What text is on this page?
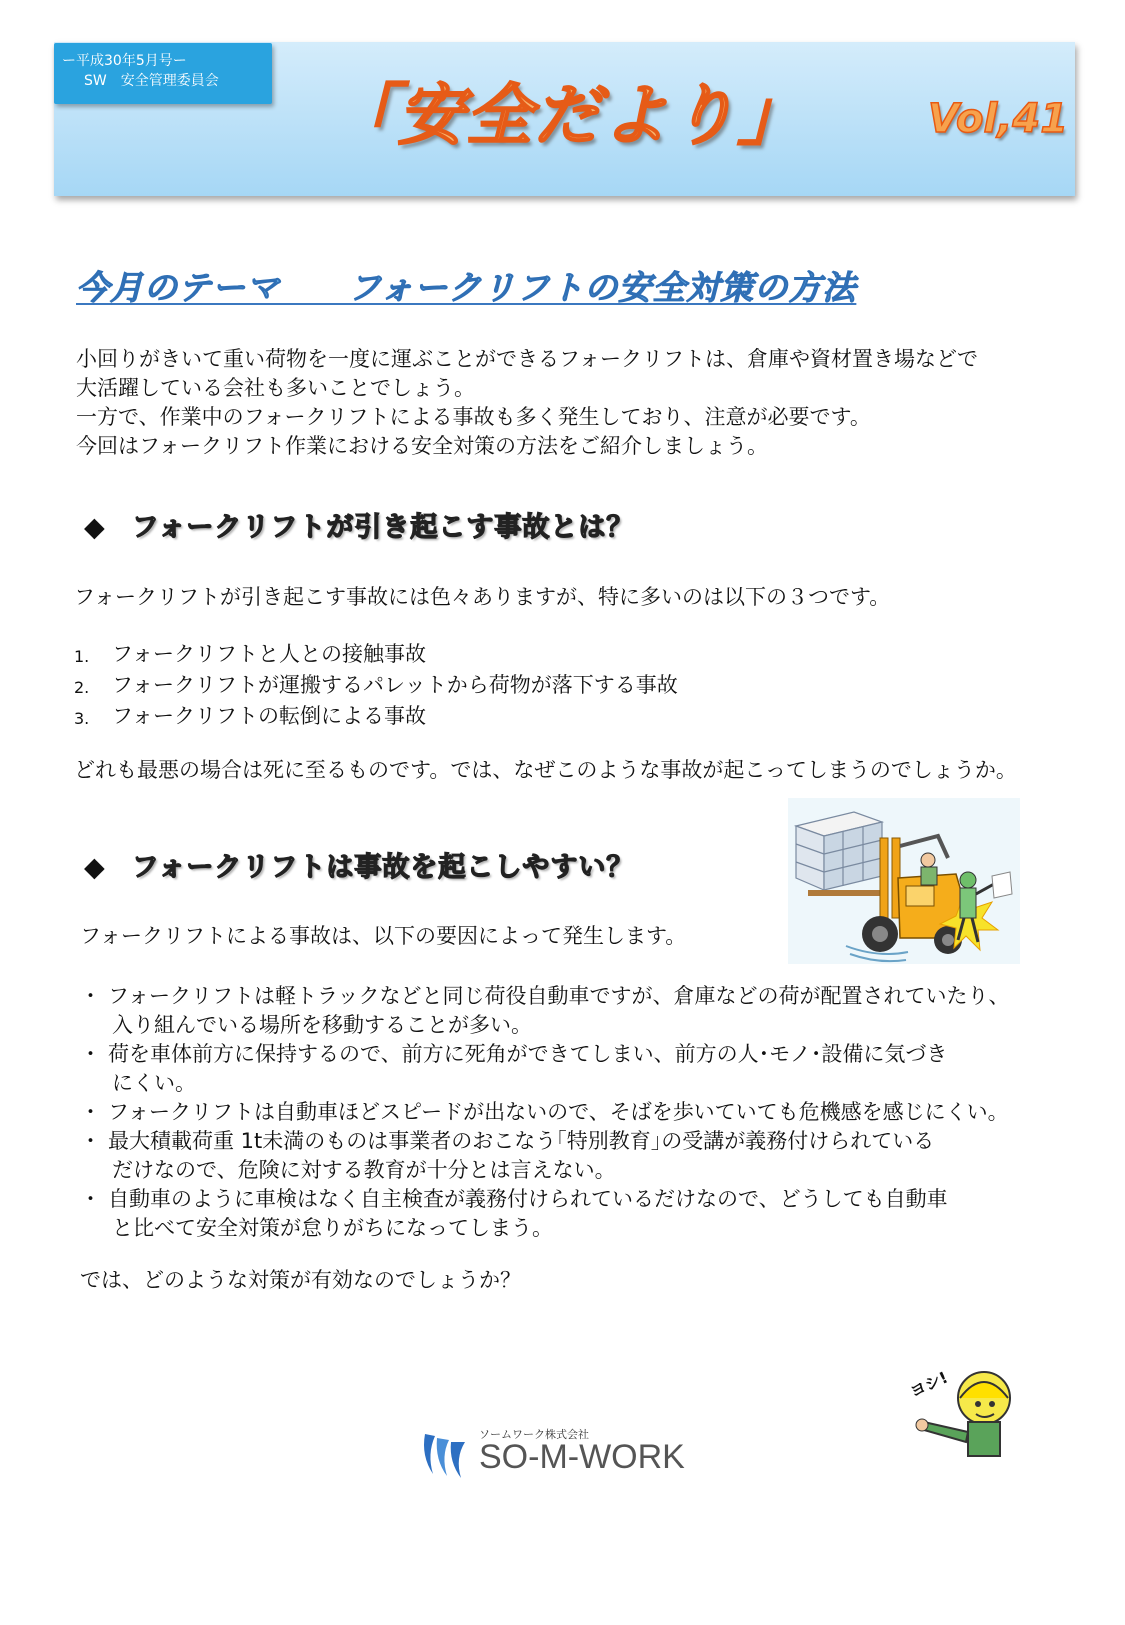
ー平成30年5月号ー
SW　安全管理委員会	「安全だより」	Vol,41
今月のテーマ　　フォークリフトの安全対策の方法
小回りがきいて重い荷物を一度に運ぶことができるフォークリフトは、倉庫や資材置き場などで
大活躍している会社も多いことでしょう。
一方で、作業中のフォークリフトによる事故も多く発生しており、注意が必要です。
今回はフォークリフト作業における安全対策の方法をご紹介しましょう。
◆ フォークリフトが引き起こす事故とは？
フォークリフトが引き起こす事故には色々ありますが、特に多いのは以下の３つです。
1.	フォークリフトと人との接触事故
2.	フォークリフトが運搬するパレットから荷物が落下する事故
3.	フォークリフトの転倒による事故
どれも最悪の場合は死に至るものです。では、なぜこのような事故が起こってしまうのでしょうか。
◆ フォークリフトは事故を起こしやすい？
フォークリフトによる事故は、以下の要因によって発生します。
・ フォークリフトは軽トラックなどと同じ荷役自動車ですが、倉庫などの荷が配置されていたり、
入り組んでいる場所を移動することが多い。
・ 荷を車体前方に保持するので、前方に死角ができてしまい、前方の人･モノ･設備に気づき
にくい。
・ フォークリフトは自動車ほどスピードが出ないので、そばを歩いていても危機感を感じにくい。
・ 最大積載荷重 1t未満のものは事業者のおこなう｢特別教育｣の受講が義務付けられている
だけなので、危険に対する教育が十分とは言えない。
・ 自動車のように車検はなく自主検査が義務付けられているだけなので、どうしても自動車
と比べて安全対策が怠りがちになってしまう。
では、どのような対策が有効なのでしょうか？
ヨシ!
ソームワーク株式会社
SO-M-WORK
